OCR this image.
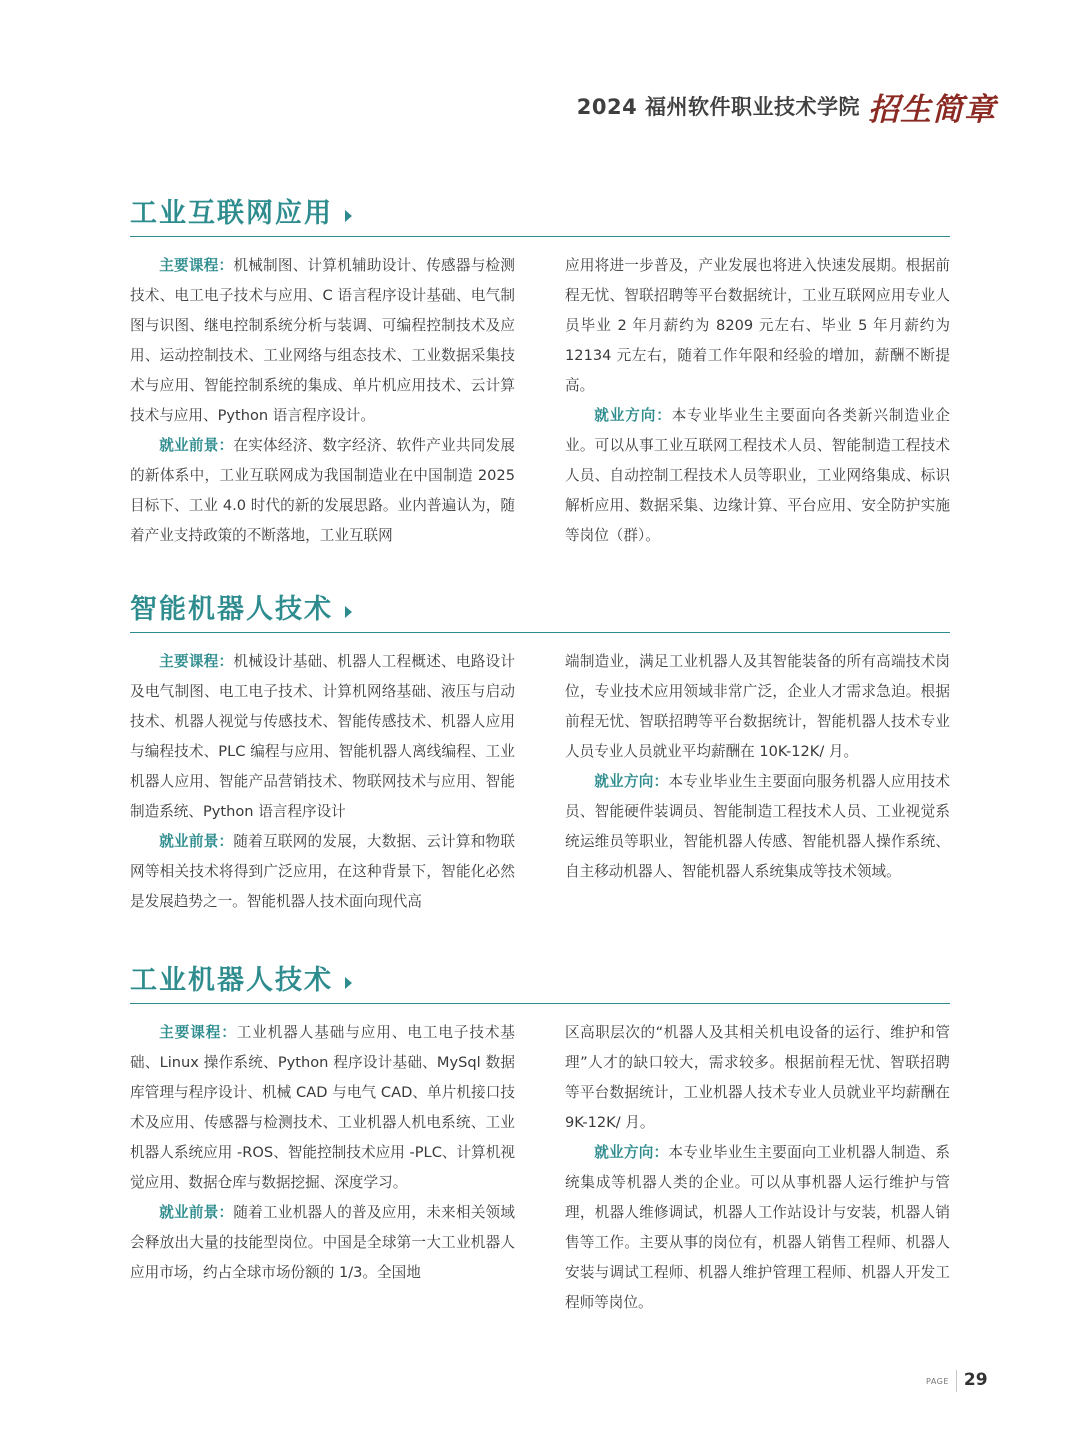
2024 福州软件职业技术学院 招生简章
工业互联网应用

主要课程：机械制图、计算机辅助设计、传感器与检测技术、电工电子技术与应用、C 语言程序设计基础、电气制图与识图、继电控制系统分析与装调、可编程控制技术及应用、运动控制技术、工业网络与组态技术、工业数据采集技术与应用、智能控制系统的集成、单片机应用技术、云计算技术与应用、Python 语言程序设计。

就业前景：在实体经济、数字经济、软件产业共同发展的新体系中，工业互联网成为我国制造业在中国制造 2025 目标下、工业 4.0 时代的新的发展思路。业内普遍认为，随着产业支持政策的不断落地，工业互联网

应用将进一步普及，产业发展也将进入快速发展期。根据前程无忧、智联招聘等平台数据统计，工业互联网应用专业人员毕业 2 年月薪约为 8209 元左右、毕业 5 年月薪约为 12134 元左右，随着工作年限和经验的增加，薪酬不断提高。

就业方向：本专业毕业生主要面向各类新兴制造业企业。可以从事工业互联网工程技术人员、智能制造工程技术人员、自动控制工程技术人员等职业，工业网络集成、标识解析应用、数据采集、边缘计算、平台应用、安全防护实施等岗位（群）。

智能机器人技术

主要课程：机械设计基础、机器人工程概述、电路设计及电气制图、电工电子技术、计算机网络基础、液压与启动技术、机器人视觉与传感技术、智能传感技术、机器人应用与编程技术、PLC 编程与应用、智能机器人离线编程、工业机器人应用、智能产品营销技术、物联网技术与应用、智能制造系统、Python 语言程序设计

就业前景：随着互联网的发展，大数据、云计算和物联网等相关技术将得到广泛应用，在这种背景下，智能化必然是发展趋势之一。智能机器人技术面向现代高

端制造业，满足工业机器人及其智能装备的所有高端技术岗位，专业技术应用领域非常广泛，企业人才需求急迫。根据前程无忧、智联招聘等平台数据统计，智能机器人技术专业人员专业人员就业平均薪酬在 10K-12K/ 月。

就业方向：本专业毕业生主要面向服务机器人应用技术员、智能硬件装调员、智能制造工程技术人员、工业视觉系统运维员等职业，智能机器人传感、智能机器人操作系统、自主移动机器人、智能机器人系统集成等技术领域。

工业机器人技术

主要课程：工业机器人基础与应用、电工电子技术基础、Linux 操作系统、Python 程序设计基础、MySql 数据库管理与程序设计、机械 CAD 与电气 CAD、单片机接口技术及应用、传感器与检测技术、工业机器人机电系统、工业机器人系统应用 -ROS、智能控制技术应用 -PLC、计算机视觉应用、数据仓库与数据挖掘、深度学习。

就业前景：随着工业机器人的普及应用，未来相关领域会释放出大量的技能型岗位。中国是全球第一大工业机器人应用市场，约占全球市场份额的 1/3。全国地

区高职层次的“机器人及其相关机电设备的运行、维护和管理”人才的缺口较大，需求较多。根据前程无忧、智联招聘等平台数据统计，工业机器人技术专业人员就业平均薪酬在 9K-12K/ 月。

就业方向：本专业毕业生主要面向工业机器人制造、系统集成等机器人类的企业。可以从事机器人运行维护与管理，机器人维修调试，机器人工作站设计与安装，机器人销售等工作。主要从事的岗位有，机器人销售工程师、机器人安装与调试工程师、机器人维护管理工程师、机器人开发工程师等岗位。

PAGE 29
